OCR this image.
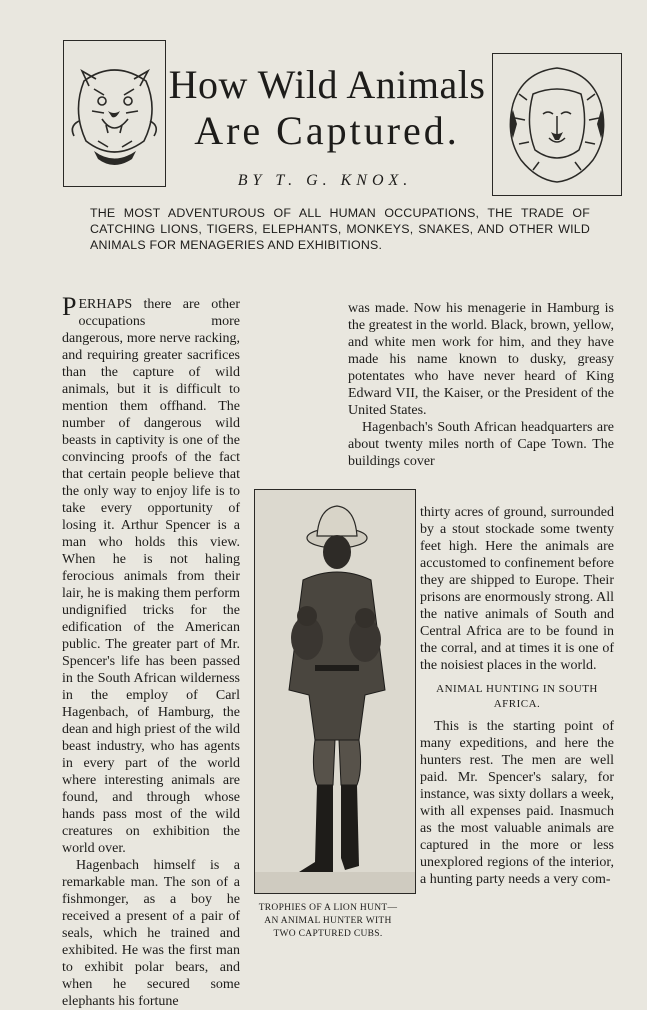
How Wild Animals
Are Captured.
BY T. G. KNOX.
THE MOST ADVENTUROUS OF ALL HUMAN OCCUPATIONS, THE TRADE OF CATCHING LIONS, TIGERS, ELEPHANTS, MONKEYS, SNAKES, AND OTHER WILD ANIMALS FOR MENAGERIES AND EXHIBITIONS.

PERHAPS there are other occupations more dangerous, more nerve racking, and requiring greater sacrifices than the capture of wild animals, but it is difficult to mention them offhand. The number of dangerous wild beasts in captivity is one of the convincing proofs of the fact that certain people believe that the only way to enjoy life is to take every opportunity of losing it. Arthur Spencer is a man who holds this view. When he is not haling ferocious animals from their lair, he is making them perform undignified tricks for the edification of the American public. The greater part of Mr. Spencer's life has been passed in the South African wilderness in the employ of Carl Hagenbach, of Hamburg, the dean and high priest of the wild beast industry, who has agents in every part of the world where interesting animals are found, and through whose hands pass most of the wild creatures on exhibition the world over.

Hagenbach himself is a remarkable man. The son of a fishmonger, as a boy he received a present of a pair of seals, which he trained and exhibited. He was the first man to exhibit polar bears, and when he secured some elephants his fortune

was made. Now his menagerie in Hamburg is the greatest in the world. Black, brown, yellow, and white men work for him, and they have made his name known to dusky, greasy potentates who have never heard of King Edward VII, the Kaiser, or the President of the United States.

Hagenbach's South African headquarters are about twenty miles north of Cape Town. The buildings cover

thirty acres of ground, surrounded by a stout stockade some twenty feet high. Here the animals are accustomed to confinement before they are shipped to Europe. Their prisons are enormously strong. All the native animals of South and Central Africa are to be found in the corral, and at times it is one of the noisiest places in the world.

ANIMAL HUNTING IN SOUTH AFRICA.

This is the starting point of many expeditions, and here the hunters rest. The men are well paid. Mr. Spencer's salary, for instance, was sixty dollars a week, with all expenses paid. Inasmuch as the most valuable animals are captured in the more or less unexplored regions of the interior, a hunting party needs a very com-

TROPHIES OF A LION HUNT—
AN ANIMAL HUNTER WITH
TWO CAPTURED CUBS.
